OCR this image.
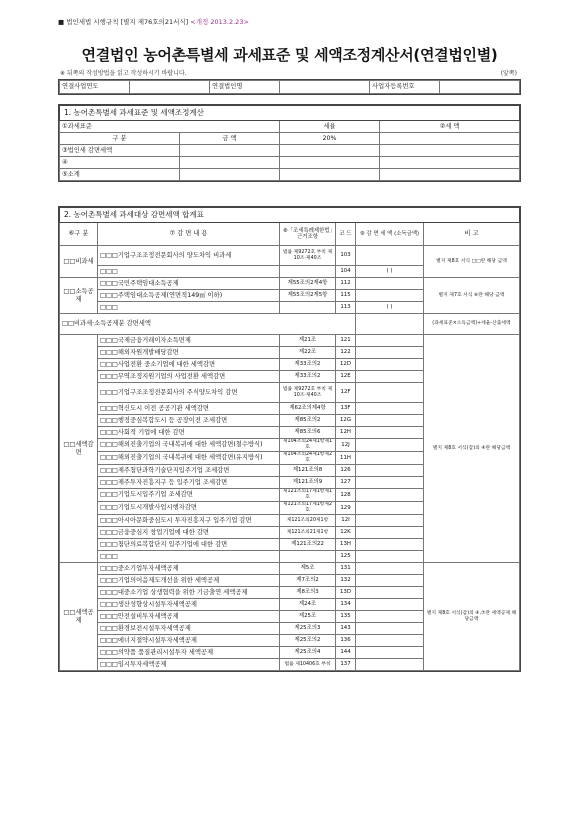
■ 법인세법 시행규칙 [별지 제76호의21서식] <개정 2013.2.23>
연결법인 농어촌특별세 과세표준 및 세액조정계산서(연결법인별)
※ 뒤쪽의 작성방법을 읽고 작성하시기 바랍니다.	(앞쪽)
연결사업연도		연결법인명		사업자등록번호	
1. 농어촌특별세 과세표준 및 세액조정계산			
①과세표준		세율	②세 액
구 분	금 액	20%	
③법인세 감면세액			
④			
⑤소계			
2. 농어촌특별세 과세대상 감면세액 합계표					
⑥구 분	⑦ 감 면 내 용	⑧「조세특례제한법」근거조항	코 드	⑨ 감 면 세 액 (소득금액)	비 고
□□비과세	□□□기업구조조정전문회사의 양도차익 비과세	법률 제9272호 부칙 제10조·제40조	103		별지 제8호 서식 □□란 해당 금액
	□□□		104	( )	
□□소득공제	□□□국민주택임대소득공제	제55조의2제4항	112		별지 제7호 서식 ⑥란 해당 금액
	□□□주택임대소득공제(연면적149㎡ 이하)	제55조의2제5항	115		
	□□□		113	( )	
□□비과세·소득공제분 감면세액					(과세표준×소득금액)÷세율-산출세액
□□세액감면	□□□국제금융거래이자소득면제	제21조	121		별지 제8호 서식(갑)의 ④란 해당금액
	□□□해외자원개발배당감면	제22조	122		
	□□□사업전환 중소기업에 대한 세액감면	제33조의2	12D		
	□□□무역조정지원기업의 사업전환 세액감면	제33조의2	12E		
	□□□기업구조조정전문회사의 주식양도차익 감면	법률 제9272호 부칙 제10조·제40조	12F		
	□□□혁신도시 이전 공공기관 세액감면	제62조의제4항	13F		
	□□□행정중심복합도시 등 공장이전 조세감면	제85조의2	12G		
	□□□사회적 기업에 대한 감면	제85조의6	12H		
	□□□해외진출기업의 국내복귀에 대한 세액감면(철수방식)	제104조의24제1항제1호	12J		
	□□□해외진출기업의 국내복귀에 대한 세액감면(유지방식)	제104조의24제1항제2호	11H		
	□□□제주첨단과학기술단지입주기업 조세감면	제121조의8	126		
	□□□제주투자진흥지구 등 입주기업 조세감면	제121조의9	127		
	□□□기업도시입주기업 조세감면	제121조의17제1항제1호	128		
	□□□기업도시개발사업시행자감면	제121조의17제1항제2호	129		
	□□□아시아문화중심도시 투자진흥지구 입주기업 감면	제121조의20제1항	12I		
	□□□금융중심지 창업기업에 대한 감면	제121조의21제1항	12K		
	□□□첨단의료복합단지 입주기업에 대한 감면	제121조의22	13H		
	□□□		125		
□□세액공제	□□□중소기업투자세액공제	제5조	131		별지 제8호 서식(갑)의 ④,⑦란 세액공제 해당금액
	□□□기업의어음제도개선을 위한 세액공제	제7조의2	132		
	□□□대중소기업 상생협력을 위한 기금출연 세액공제	제8조의3	13D		
	□□□생산성향상시설투자세액공제	제24조	134		
	□□□안전설비투자세액공제	제25조	135		
	□□□환경보전시설투자세액공제	제25조의3	143		
	□□□에너지절약시설투자세액공제	제25조의2	136		
	□□□의약품 품질관리시설투자 세액공제	제25조의4	144		
	□□□임시투자세액공제	법률 제10406호 부칙	137		
